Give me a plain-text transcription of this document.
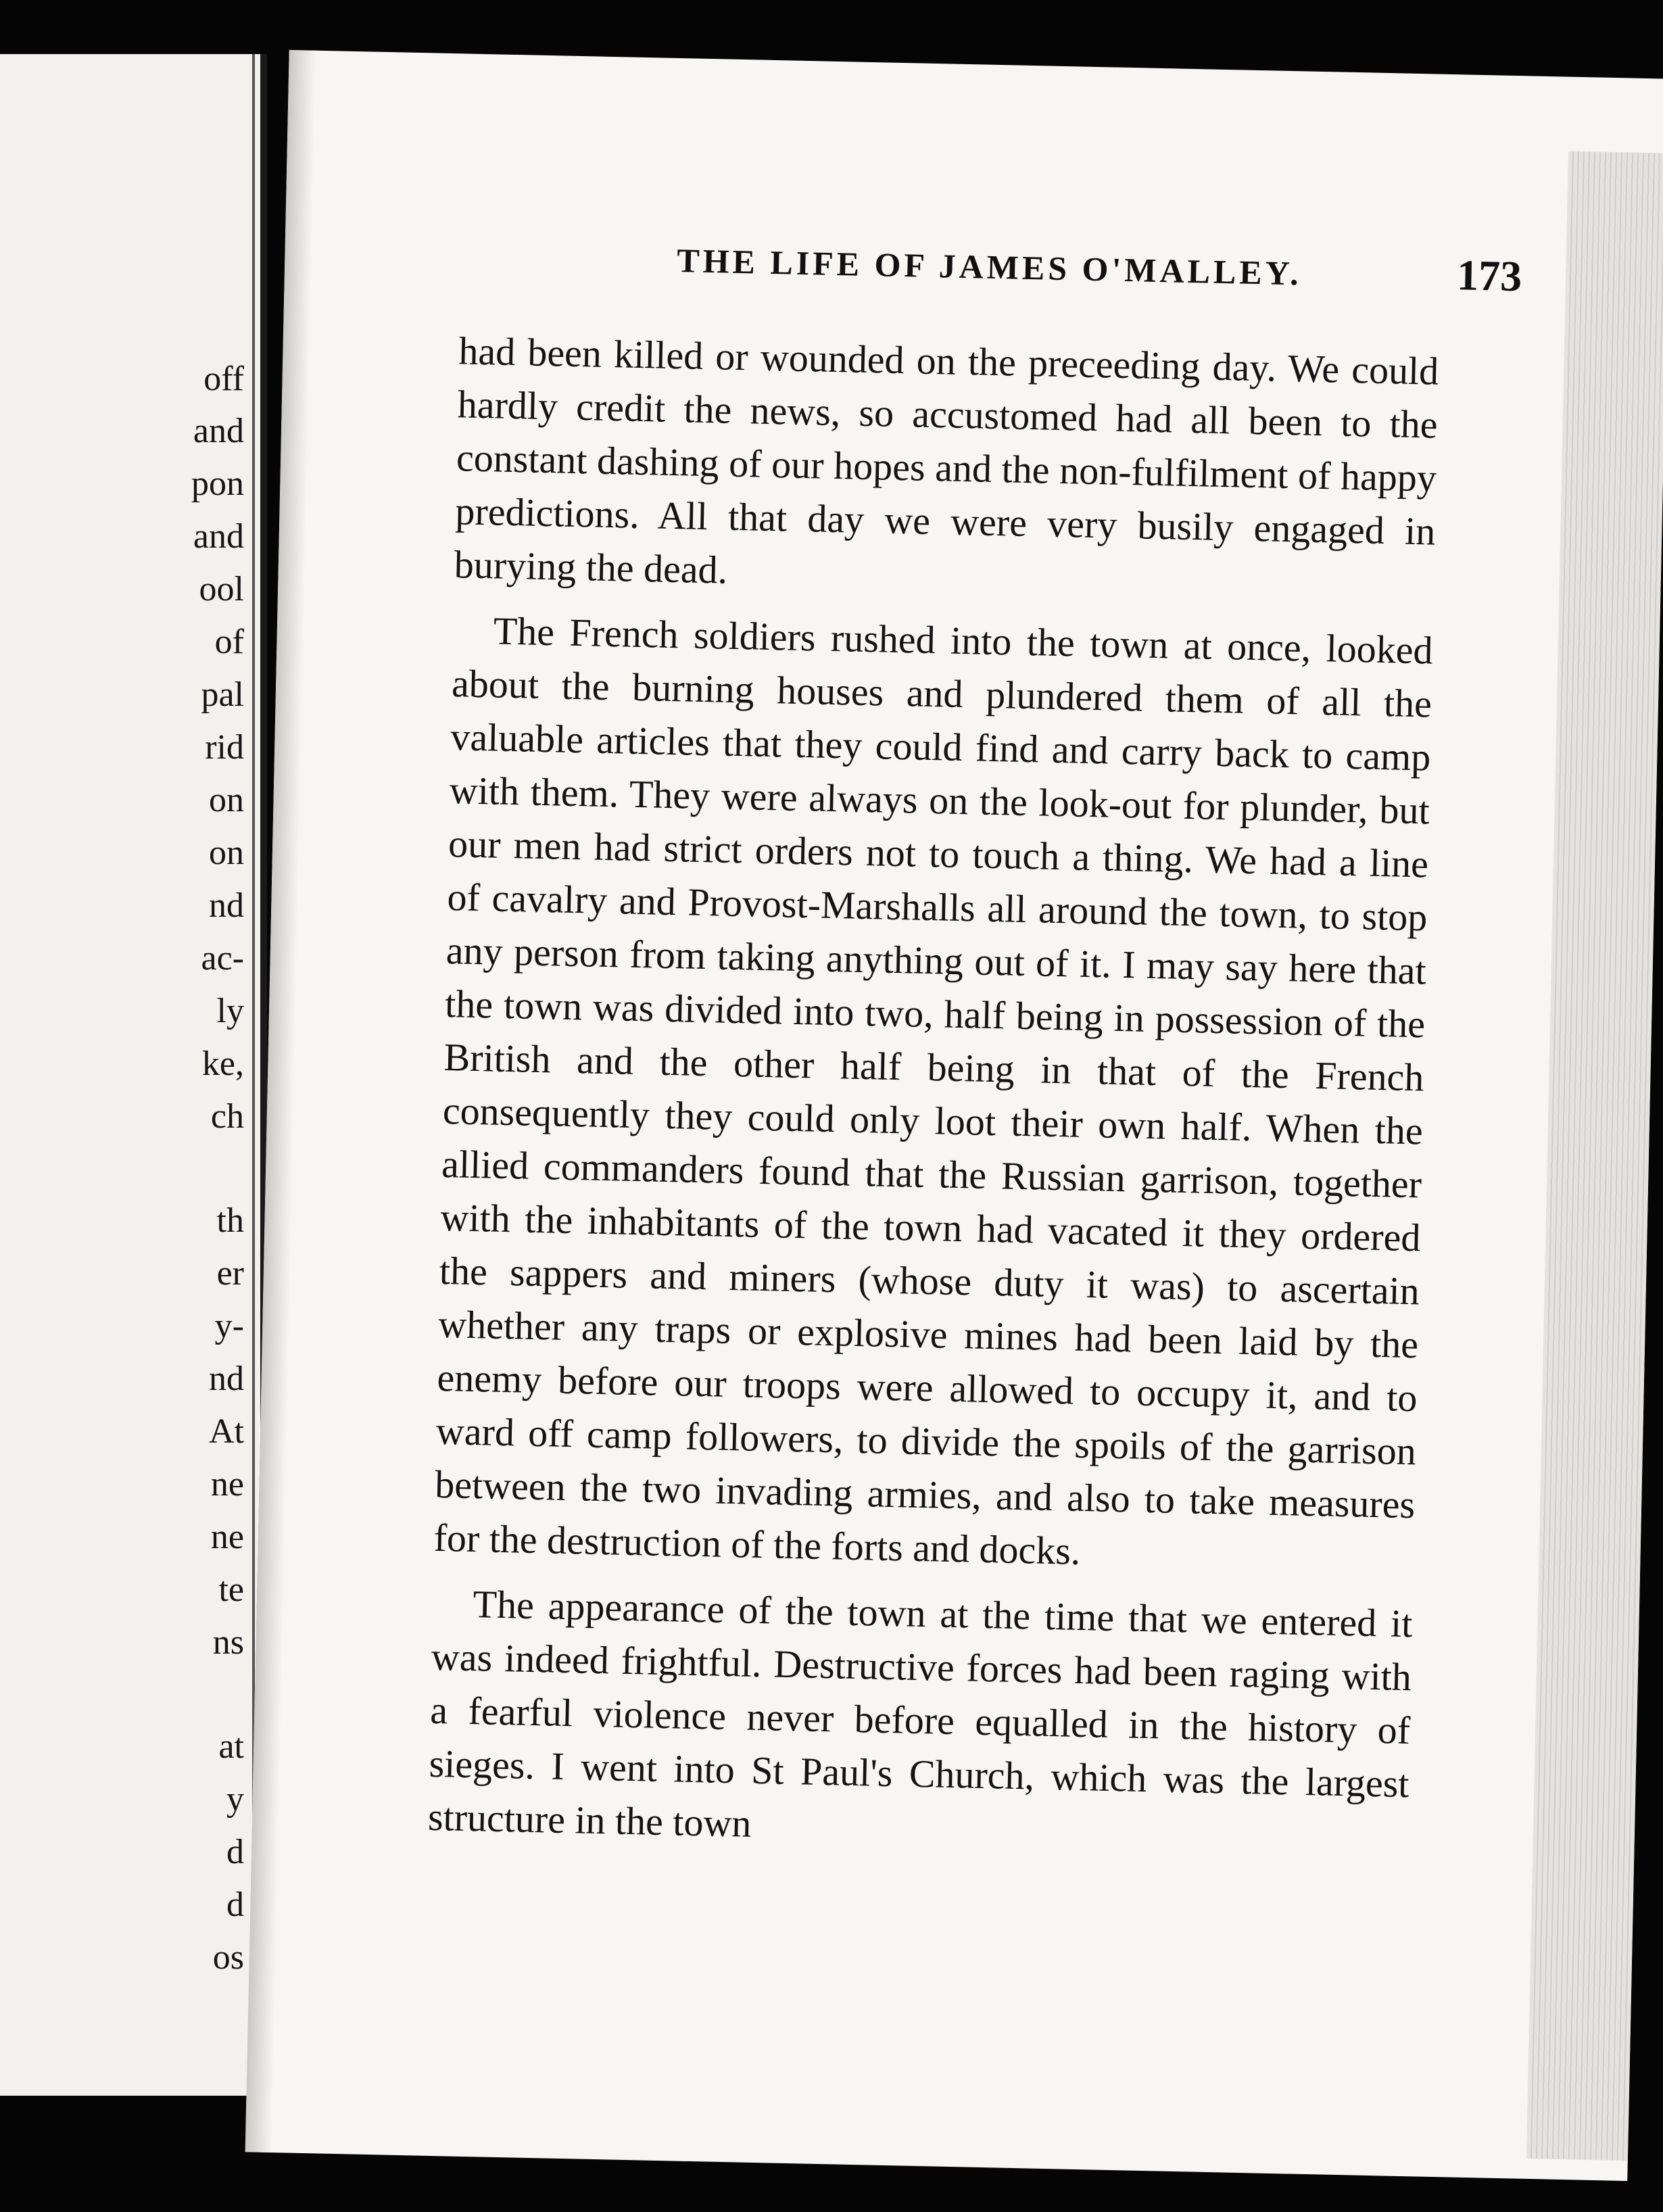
off

and

pon

and

ool

of

pal

rid

on

on

nd

ac-

ly

ke,

ch

th

er

y-

nd

At

ne

ne

te

ns

at

y

d

d

os

THE LIFE OF JAMES O'MALLEY.	173

had been killed or wounded on the preceeding day. We could hardly credit the news, so accustomed had all been to the constant dashing of our hopes and the non-fulfilment of happy predictions. All that day we were very busily engaged in burying the dead.

The French soldiers rushed into the town at once, looked about the burning houses and plundered them of all the valuable articles that they could find and carry back to camp with them. They were always on the look-out for plunder, but our men had strict orders not to touch a thing. We had a line of cavalry and Provost-Marshalls all around the town, to stop any person from taking anything out of it. I may say here that the town was divided into two, half being in possession of the British and the other half being in that of the French consequently they could only loot their own half. When the allied commanders found that the Russian garrison, together with the inhabitants of the town had vacated it they ordered the sappers and miners (whose duty it was) to ascertain whether any traps or explosive mines had been laid by the enemy before our troops were allowed to occupy it, and to ward off camp followers, to divide the spoils of the garrison between the two invading armies, and also to take measures for the destruction of the forts and docks.

The appearance of the town at the time that we entered it was indeed frightful. Destructive forces had been raging with a fearful violence never before equalled in the history of sieges. I went into St Paul's Church, which was the largest structure in the town
